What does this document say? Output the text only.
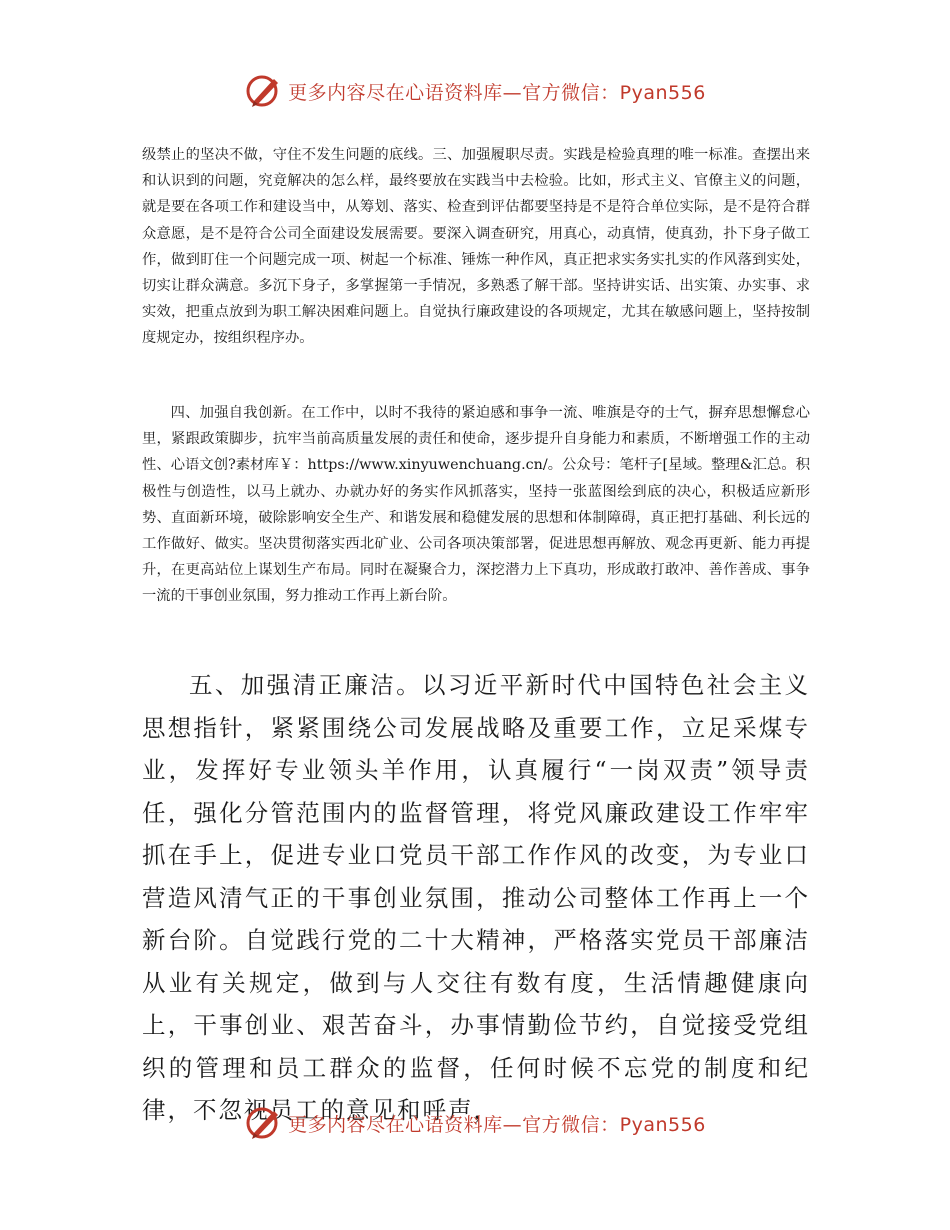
更多内容尽在心语资料库—官方微信：Pyan556

级禁止的坚决不做，守住不发生问题的底线。三、加强履职尽责。实践是检验真理的唯一标准。查摆出来和认识到的问题，究竟解决的怎么样，最终要放在实践当中去检验。比如，形式主义、官僚主义的问题，就是要在各项工作和建设当中，从筹划、落实、检查到评估都要坚持是不是符合单位实际，是不是符合群众意愿，是不是符合公司全面建设发展需要。要深入调查研究，用真心，动真情，使真劲，扑下身子做工作，做到盯住一个问题完成一项、树起一个标准、锤炼一种作风，真正把求实务实扎实的作风落到实处，切实让群众满意。多沉下身子，多掌握第一手情况，多熟悉了解干部。坚持讲实话、出实策、办实事、求实效，把重点放到为职工解决困难问题上。自觉执行廉政建设的各项规定，尤其在敏感问题上，坚持按制度规定办，按组织程序办。

四、加强自我创新。在工作中，以时不我待的紧迫感和事争一流、唯旗是夺的士气，摒弃思想懈怠心里，紧跟政策脚步，抗牢当前高质量发展的责任和使命，逐步提升自身能力和素质，不断增强工作的主动性、心语文创?素材库￥：https://www.xinyuwenchuang.cn/。公众号：笔杆子[星域。整理&汇总。积极性与创造性，以马上就办、办就办好的务实作风抓落实，坚持一张蓝图绘到底的决心，积极适应新形势、直面新环境，破除影响安全生产、和谐发展和稳健发展的思想和体制障碍，真正把打基础、利长远的工作做好、做实。坚决贯彻落实西北矿业、公司各项决策部署，促进思想再解放、观念再更新、能力再提升，在更高站位上谋划生产布局。同时在凝聚合力，深挖潜力上下真功，形成敢打敢冲、善作善成、事争一流的干事创业氛围，努力推动工作再上新台阶。

五、加强清正廉洁。以习近平新时代中国特色社会主义思想指针，紧紧围绕公司发展战略及重要工作，立足采煤专业，发挥好专业领头羊作用，认真履行“一岗双责”领导责任，强化分管范围内的监督管理，将党风廉政建设工作牢牢抓在手上，促进专业口党员干部工作作风的改变，为专业口营造风清气正的干事创业氛围，推动公司整体工作再上一个新台阶。自觉践行党的二十大精神，严格落实党员干部廉洁从业有关规定，做到与人交往有数有度，生活情趣健康向上，干事创业、艰苦奋斗，办事情勤俭节约，自觉接受党组织的管理和员工群众的监督，任何时候不忘党的制度和纪律，不忽视员工的意见和呼声，

更多内容尽在心语资料库—官方微信：Pyan556
